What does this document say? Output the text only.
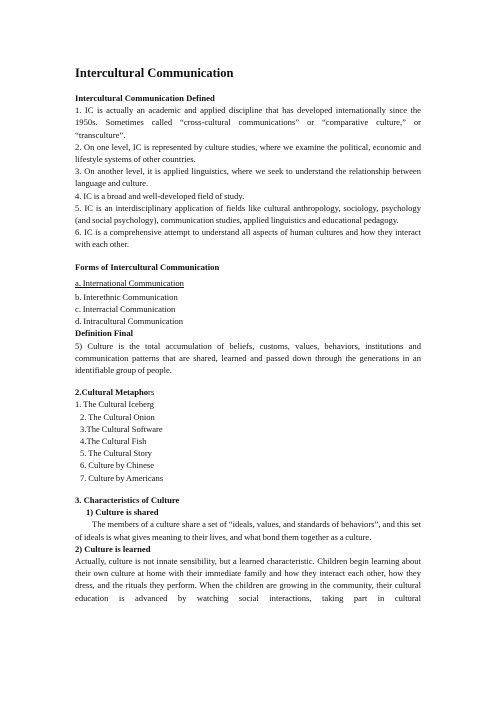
Intercultural Communication
Intercultural Communication Defined
1. IC is actually an academic and applied discipline that has developed internationally since the 1950s. Sometimes called “cross-cultural communications” or “comparative culture,” or “transculture”.
2. On one level, IC is represented by culture studies, where we examine the political, economic and lifestyle systems of other countries.
3. On another level, it is applied linguistics, where we seek to understand the relationship between language and culture.
4. IC is a broad and well-developed field of study.
5. IC is an interdisciplinary application of fields like cultural anthropology, sociology, psychology (and social psychology), communication studies, applied linguistics and educational pedagogy.
6. IC is a comprehensive attempt to understand all aspects of human cultures and how they interact with each other.
Forms of Intercultural Communication
a. International Communication
b. Interethnic Communication
c. Interracial Communication
d. Intracultural Communication
Definition Final
5) Culture is the total accumulation of beliefs, customs, values, behaviors, institutions and communication patterns that are shared, learned and passed down through the generations in an identifiable group of people.
2.Cultural Metaphors
1. The Cultural Iceberg
2. The Cultural Onion
3.The Cultural Software
4.The Cultural Fish
5. The Cultural Story
6. Culture by Chinese
7. Culture by Americans
3. Characteristics of Culture
1) Culture is shared
The members of a culture share a set of “ideals, values, and standards of behaviors”, and this set of ideals is what gives meaning to their lives, and what bond them together as a culture.
2) Culture is learned
Actually, culture is not innate sensibility, but a learned characteristic. Children begin learning about their own culture at home with their immediate family and how they interact each other, how they dress, and the rituals they perform. When the children are growing in the community, their cultural education is advanced by watching social interactions, taking part in cultural
